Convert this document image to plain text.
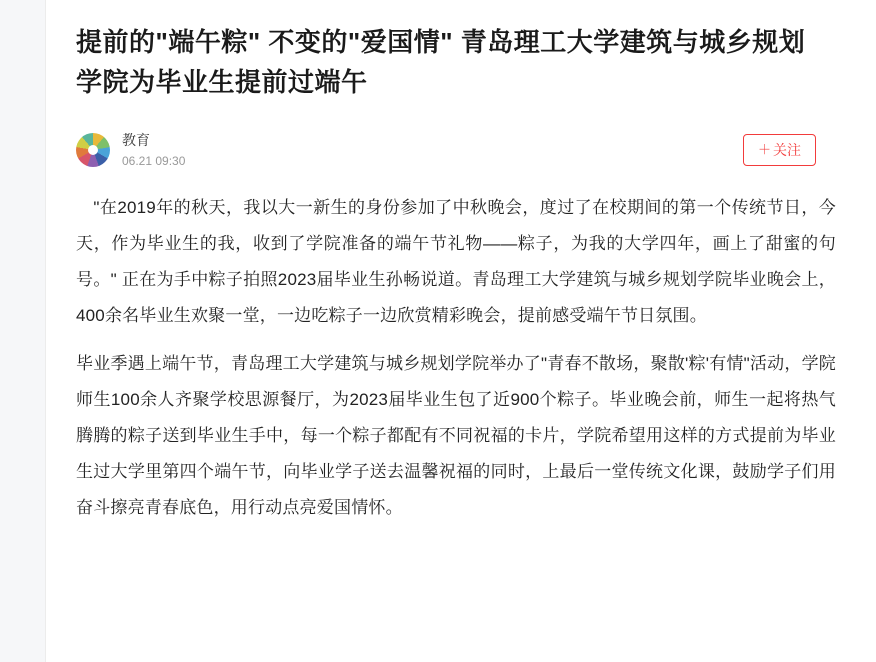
提前的"端午粽" 不变的"爱国情" 青岛理工大学建筑与城乡规划学院为毕业生提前过端午
教育
06.21 09:30
＋ 关注

　"在2019年的秋天，我以大一新生的身份参加了中秋晚会，度过了在校期间的第一个传统节日，今天，作为毕业生的我，收到了学院准备的端午节礼物——粽子，为我的大学四年，画上了甜蜜的句号。" 正在为手中粽子拍照2023届毕业生孙畅说道。青岛理工大学建筑与城乡规划学院毕业晚会上， 400余名毕业生欢聚一堂，一边吃粽子一边欣赏精彩晚会，提前感受端午节日氛围。

毕业季遇上端午节，青岛理工大学建筑与城乡规划学院举办了"青春不散场，聚散'粽'有情"活动，学院师生100余人齐聚学校思源餐厅，为2023届毕业生包了近900个粽子。毕业晚会前，师生一起将热气腾腾的粽子送到毕业生手中，每一个粽子都配有不同祝福的卡片，学院希望用这样的方式提前为毕业生过大学里第四个端午节，向毕业学子送去温馨祝福的同时，上最后一堂传统文化课，鼓励学子们用奋斗擦亮青春底色，用行动点亮爱国情怀。
